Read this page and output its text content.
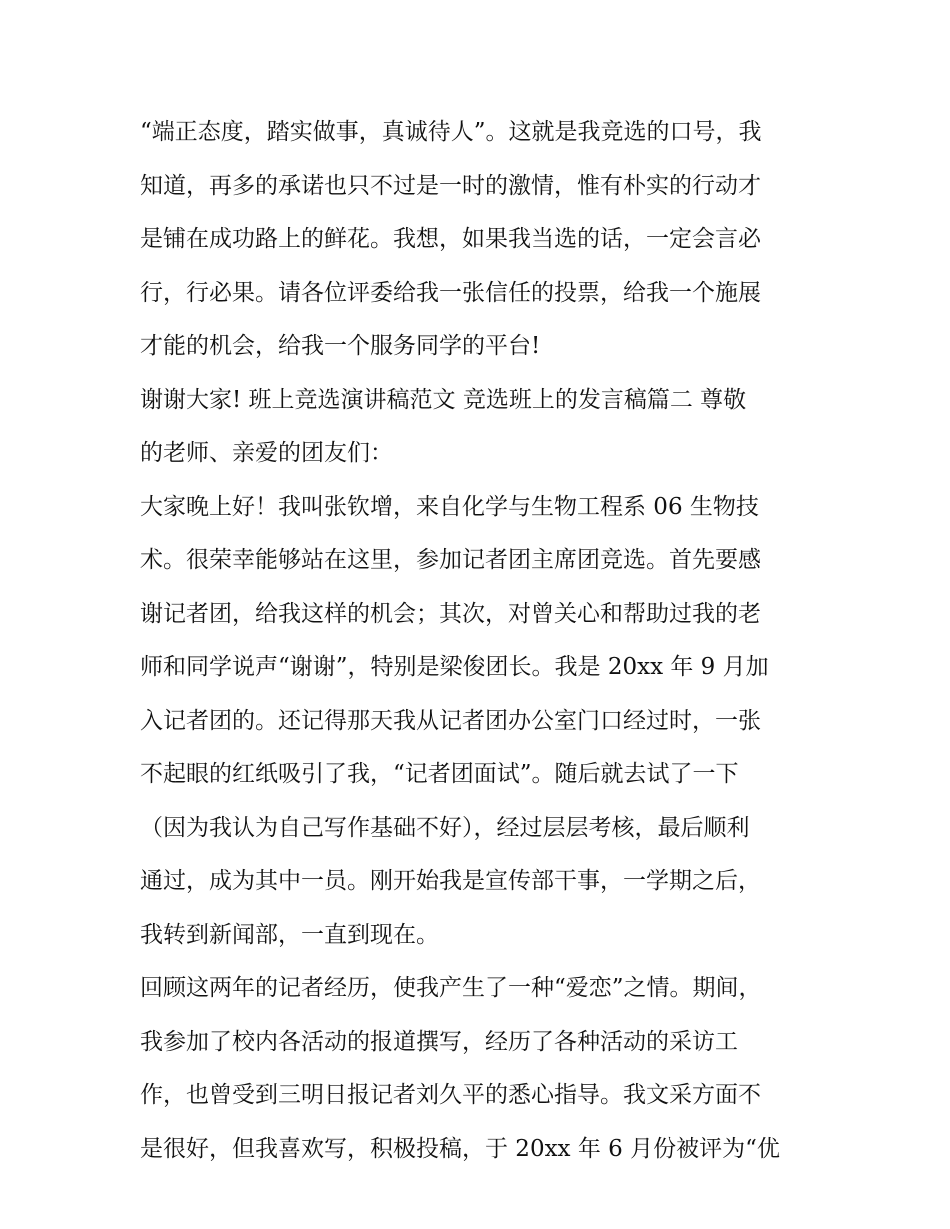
“端正态度，踏实做事，真诚待人”。这就是我竞选的口号，我
知道，再多的承诺也只不过是一时的激情，惟有朴实的行动才
是铺在成功路上的鲜花。我想，如果我当选的话，一定会言必
行，行必果。请各位评委给我一张信任的投票，给我一个施展
才能的机会，给我一个服务同学的平台!
谢谢大家! 班上竞选演讲稿范文 竞选班上的发言稿篇二 尊敬
的老师、亲爱的团友们：
大家晚上好！我叫张钦增，来自化学与生物工程系 06 生物技
术。很荣幸能够站在这里，参加记者团主席团竞选。首先要感
谢记者团，给我这样的机会；其次，对曾关心和帮助过我的老
师和同学说声“谢谢”，特别是梁俊团长。我是 20xx 年 9 月加
入记者团的。还记得那天我从记者团办公室门口经过时，一张
不起眼的红纸吸引了我，“记者团面试”。随后就去试了一下
（因为我认为自己写作基础不好），经过层层考核，最后顺利
通过，成为其中一员。刚开始我是宣传部干事，一学期之后，
我转到新闻部，一直到现在。
回顾这两年的记者经历，使我产生了一种“爱恋”之情。期间，
我参加了校内各活动的报道撰写，经历了各种活动的采访工
作，也曾受到三明日报记者刘久平的悉心指导。我文采方面不
是很好，但我喜欢写，积极投稿，于 20xx 年 6 月份被评为“优
